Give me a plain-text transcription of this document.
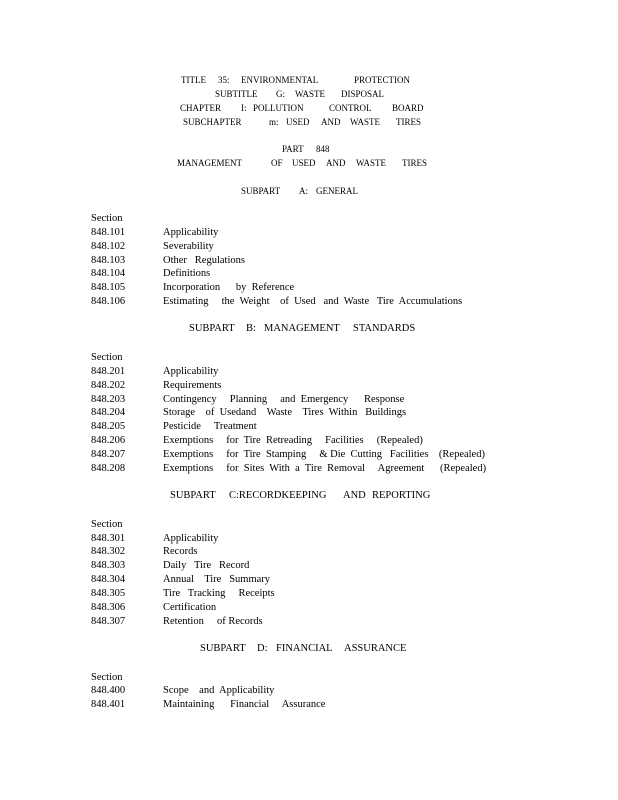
TITLE 35: ENVIRONMENTAL	PROTECTION
SUBTITLE G: WASTE DISPOSAL
CHAPTER I: POLLUTION	CONTROL BOARD
SUBCHAPTER	m: USED AND WASTE TIRES
PART 848
MANAGEMENT	OF USED AND WASTE TIRES
SUBPART A: GENERAL
Section
848.101	Applicability
848.102	Severability
848.103	Other   Regulations
848.104	Definitions
848.105	Incorporation      by  Reference
848.106	Estimating     the  Weight    of  Used   and  Waste   Tire  Accumulations
SUBPART B: MANAGEMENT STANDARDS
Section
848.201	Applicability
848.202	Requirements
848.203	Contingency     Planning     and  Emergency      Response
848.204	Storage    of  Usedand    Waste    Tires  Within   Buildings
848.205	Pesticide     Treatment
848.206	Exemptions     for  Tire  Retreading     Facilities     (Repealed)
848.207	Exemptions     for  Tire  Stamping     & Die  Cutting   Facilities    (Repealed)
848.208	Exemptions     for  Sites  With  a  Tire  Removal     Agreement      (Repealed)
SUBPART C:RECORDKEEPING AND REPORTING
Section
848.301	Applicability
848.302	Records
848.303	Daily   Tire   Record
848.304	Annual    Tire   Summary
848.305	Tire   Tracking     Receipts
848.306	Certification
848.307	Retention     of Records
SUBPART D: FINANCIAL ASSURANCE
Section
848.400	Scope    and  Applicability
848.401	Maintaining      Financial     Assurance
